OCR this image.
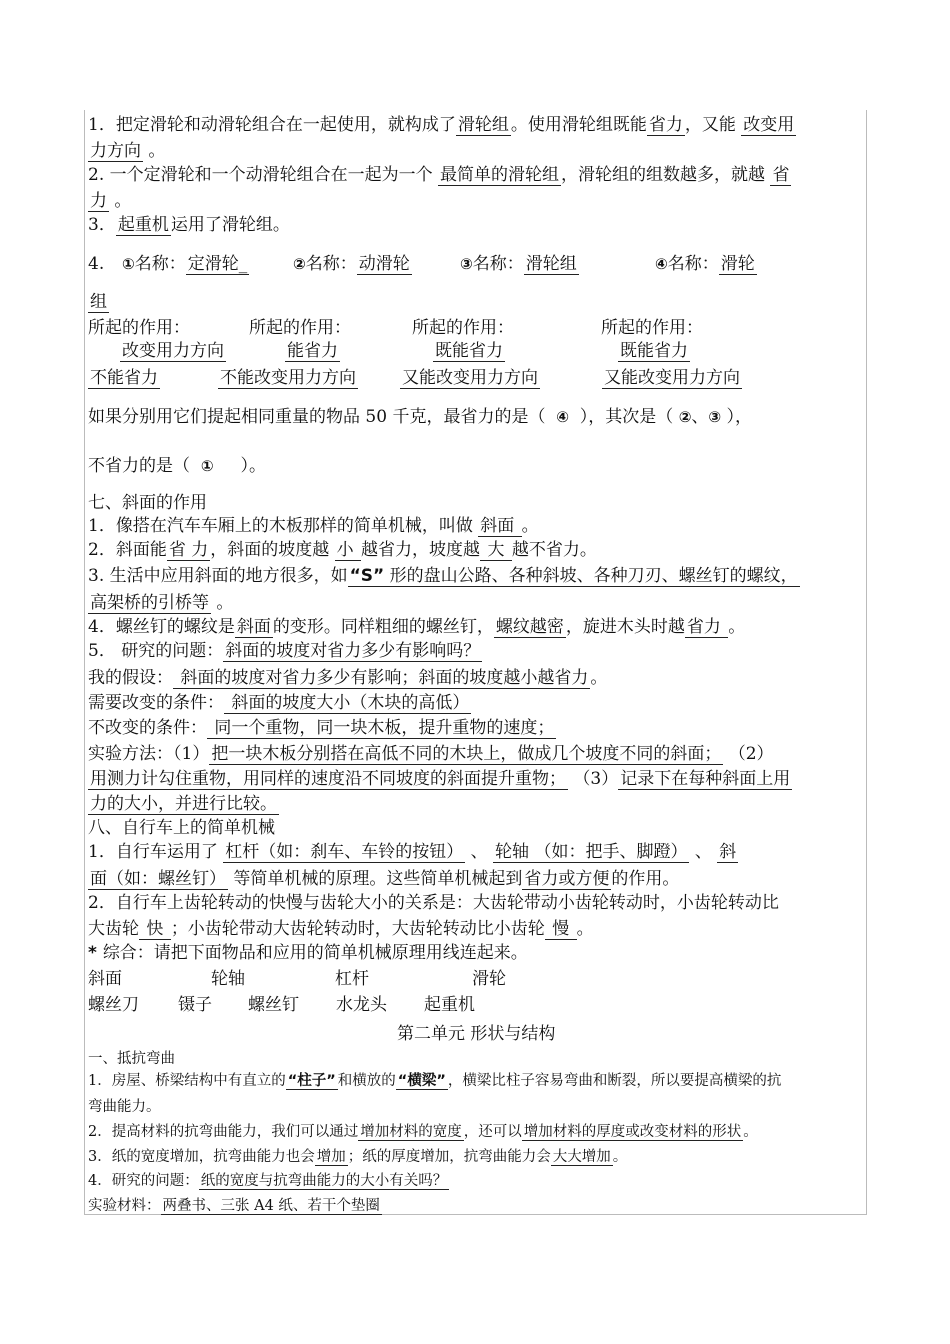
1．把定滑轮和动滑轮组合在一起使用，就构成了 滑轮组 。使用滑轮组既能 省力 ，又能 改变用
力方向 。
2. 一个定滑轮和一个动滑轮组合在一起为一个 最简单的滑轮组 ，滑轮组的组数越多，就越 省
力 。
3． 起重机 运用了滑轮组。
4. ①名称： 定滑轮_	②名称： 动滑轮	③名称： 滑轮组	④名称： 滑轮
组
所起的作用：	所起的作用：	所起的作用：	所起的作用：
改变用力方向	能省力	既能省力	既能省力
不能省力	不能改变用力方向	又能改变用力方向	又能改变用力方向
如果分别用它们提起相同重量的物品 50 千克，最省力的是（ ④ ），其次是（ ②、③ ），
不省力的是（ ① ）。
七、斜面的作用
1．像搭在汽车车厢上的木板那样的简单机械，叫做 斜面 。
2．斜面能 省 力 ，斜面的坡度越 小 越省力，坡度越 大 越不省力。
3. 生活中应用斜面的地方很多，如 “S” 形的盘山公路、各种斜坡、各种刀刃、螺丝钉的螺纹，
高架桥的引桥等 。
4．螺丝钉的螺纹是 斜面 的变形。同样粗细的螺丝钉， 螺纹越密 ，旋进木头时越 省力 。
5． 研究的问题： 斜面的坡度对省力多少有影响吗？
我的假设： 斜面的坡度对省力多少有影响；斜面的坡度越小越省力 。
需要改变的条件： 斜面的坡度大小（木块的高低）
不改变的条件： 同一个重物，同一块木板，提升重物的速度；
实验方法：（1） 把一块木板分别搭在高低不同的木块上，做成几个坡度不同的斜面； （2）
用测力计勾住重物，用同样的速度沿不同坡度的斜面提升重物； （3） 记录下在每种斜面上用
力的大小，并进行比较。
八、自行车上的简单机械
1．自行车运用了 杠杆（如：刹车、车铃的按钮） 、 轮轴 （如：把手、脚蹬） 、 斜
面（如：螺丝钉） 等简单机械的原理。这些简单机械起到 省力或方便 的作用。
2．自行车上齿轮转动的快慢与齿轮大小的关系是：大齿轮带动小齿轮转动时，小齿轮转动比
大齿轮 快 ；小齿轮带动大齿轮转动时，大齿轮转动比小齿轮 慢 。
* 综合：请把下面物品和应用的简单机械原理用线连起来。
斜面	轮轴	杠杆	滑轮
螺丝刀 镊子 螺丝钉 水龙头 起重机
第二单元 形状与结构
一、抵抗弯曲
1．房屋、桥梁结构中有直立的 “柱子” 和横放的 “横梁” ，横梁比柱子容易弯曲和断裂，所以要提高横梁的抗
弯曲能力。
2．提高材料的抗弯曲能力，我们可以通过 增加材料的宽度 ，还可以 增加材料的厚度或改变材料的形状 。
3．纸的宽度增加，抗弯曲能力也会 增加 ；纸的厚度增加，抗弯曲能力会 大大增加 。
4．研究的问题： 纸的宽度与抗弯曲能力的大小有关吗？
实验材料： 两叠书、三张 A4 纸、若干个垫圈
